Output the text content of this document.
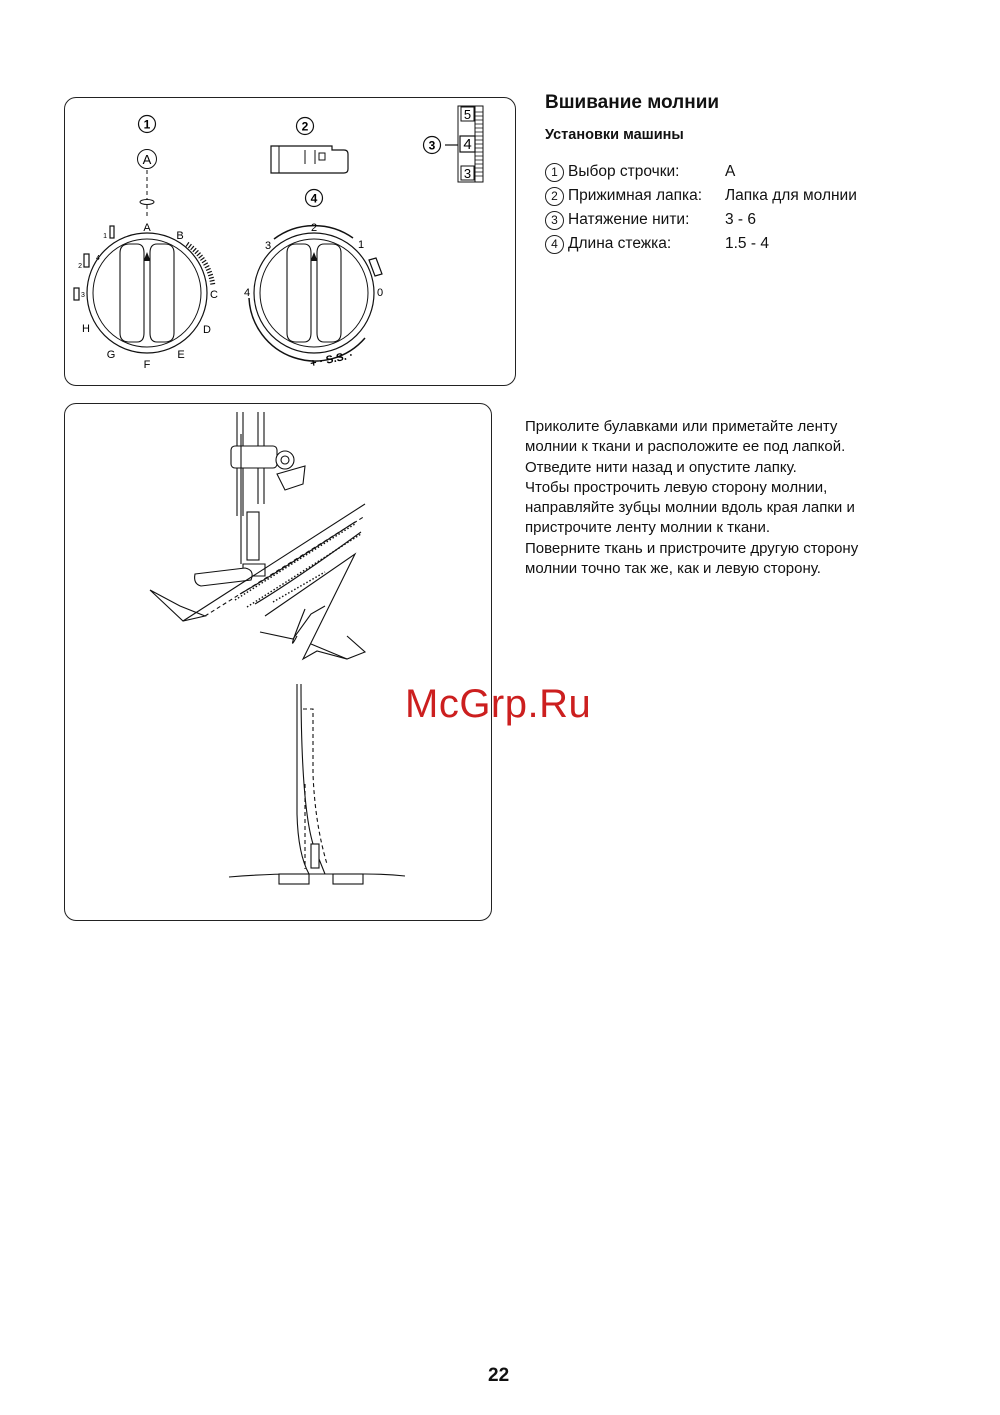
1
A
A
B
C
D
E
F
G
H
1
2
4
3
2
3
5
4
3
4
2
1
0
3
4
+ · S.S. ·
Вшивание молнии
Установки машины
1 Выбор строчки:	A
2 Прижимная лапка:	Лапка для молнии
3 Натяжение нити:	3 - 6
4 Длина стежка:	1.5 - 4

Приколите булавками или приметайте ленту
молнии к ткани и расположите ее под лапкой.
Отведите нити назад и опустите лапку.
Чтобы прострочить левую сторону молнии,
направляйте зубцы молнии вдоль края лапки и
пристрочите ленту молнии к ткани.
Поверните ткань и пристрочите другую сторону
молнии точно так же, как и левую сторону.

McGrp.Ru
22
